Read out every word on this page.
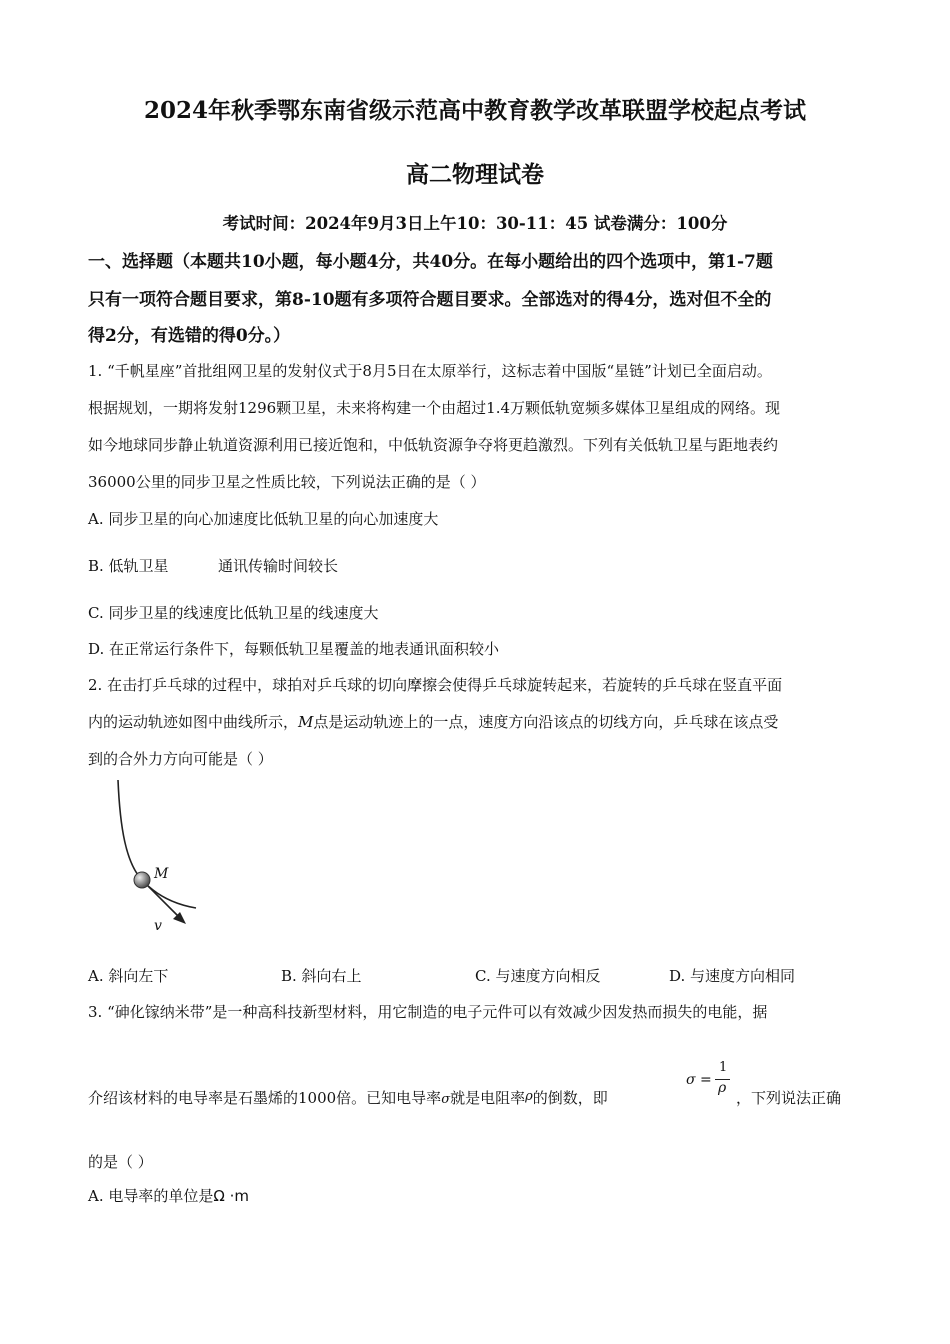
2024年秋季鄂东南省级示范高中教育教学改革联盟学校起点考试
高二物理试卷
考试时间：2024年9月3日上午10：30-11：45 试卷满分：100分
一、选择题（本题共10小题，每小题4分，共40分。在每小题给出的四个选项中，第1-7题
只有一项符合题目要求，第8-10题有多项符合题目要求。全部选对的得4分，选对但不全的
得2分，有选错的得0分。）
1. “千帆星座”首批组网卫星的发射仪式于8月5日在太原举行，这标志着中国版“星链”计划已全面启动。
根据规划，一期将发射1296颗卫星，未来将构建一个由超过1.4万颗低轨宽频多媒体卫星组成的网络。现
如今地球同步静止轨道资源利用已接近饱和，中低轨资源争夺将更趋激烈。下列有关低轨卫星与距地表约
36000公里的同步卫星之性质比较，下列说法正确的是（ ）
A. 同步卫星的向心加速度比低轨卫星的向心加速度大
B. 低轨卫星	通讯传输时间较长
C. 同步卫星的线速度比低轨卫星的线速度大
D. 在正常运行条件下，每颗低轨卫星覆盖的地表通讯面积较小
2. 在击打乒乓球的过程中，球拍对乒乓球的切向摩擦会使得乒乓球旋转起来，若旋转的乒乓球在竖直平面
内的运动轨迹如图中曲线所示，M点是运动轨迹上的一点，速度方向沿该点的切线方向，乒乓球在该点受
到的合外力方向可能是（ ）
M
v
A. 斜向左下	B. 斜向右上	C. 与速度方向相反	D. 与速度方向相同
3. “砷化镓纳米带”是一种高科技新型材料，用它制造的电子元件可以有效减少因发热而损失的电能，据
介绍该材料的电导率是石墨烯的1000倍。已知电导率σ就是电阻率ρ的倒数，即
σ =
1
ρ
，下列说法正确
的是（ ）
A. 电导率的单位是Ω ·m
